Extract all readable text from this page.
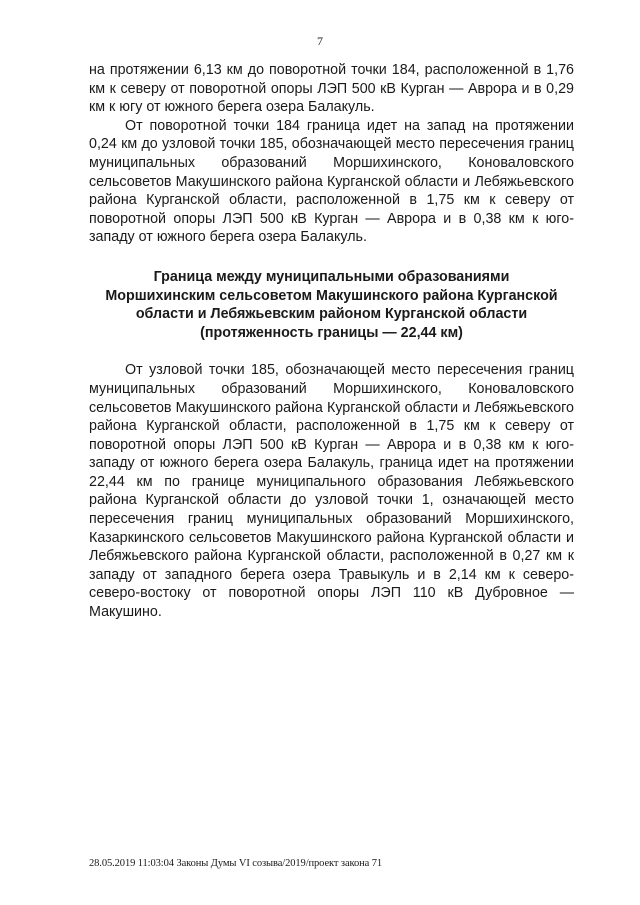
7

на протяжении 6,13 км до поворотной точки 184, расположенной в 1,76 км к северу от поворотной опоры ЛЭП 500 кВ Курган — Аврора и в 0,29 км к югу от южного берега озера Балакуль.

От поворотной точки 184 граница идет на запад на протяжении 0,24 км до узловой точки 185, обозначающей место пересечения границ муниципальных образований Моршихинского, Коноваловского сельсоветов Макушинского района Курганской области и Лебяжьевского района Курганской области, расположенной в 1,75 км к северу от поворотной опоры ЛЭП 500 кВ Курган — Аврора и в 0,38 км к юго-западу от южного берега озера Балакуль.

Граница между муниципальными образованиями
Моршихинским сельсоветом Макушинского района Курганской
области и Лебяжьевским районом Курганской области
(протяженность границы — 22,44 км)

От узловой точки 185, обозначающей место пересечения границ муниципальных образований Моршихинского, Коноваловского сельсоветов Макушинского района Курганской области и Лебяжьевского района Курганской области, расположенной в 1,75 км к северу от поворотной опоры ЛЭП 500 кВ Курган — Аврора и в 0,38 км к юго-западу от южного берега озера Балакуль, граница идет на протяжении 22,44 км по границе муниципального образования Лебяжьевского района Курганской области до узловой точки 1, означающей место пересечения границ муниципальных образований Моршихинского, Казаркинского сельсоветов Макушинского района Курганской области и Лебяжьевского района Курганской области, расположенной в 0,27 км к западу от западного берега озера Травыкуль и в 2,14 км к северо-северо-востоку от поворотной опоры ЛЭП 110 кВ Дубровное — Макушино.

28.05.2019 11:03:04 Законы Думы VI созыва/2019/проект закона 71
